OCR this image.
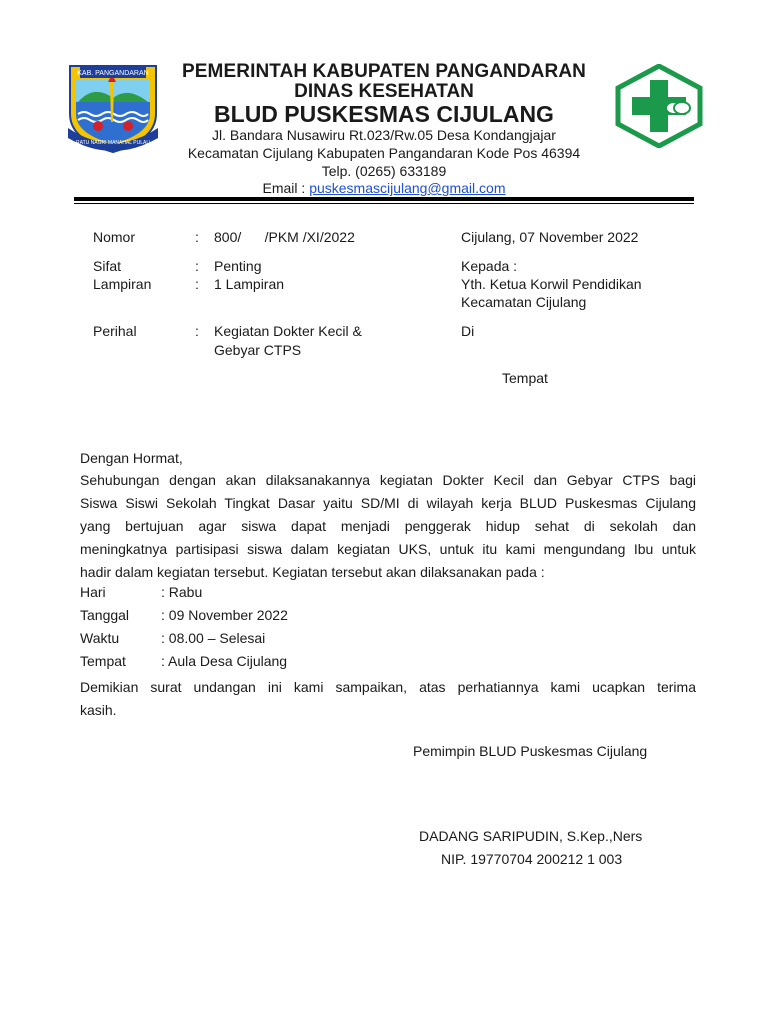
KAB. PANGANDARAN
RATU NAGRI MANAHAL PULAU
PEMERINTAH KABUPATEN PANGANDARAN
DINAS KESEHATAN
BLUD PUSKESMAS CIJULANG
Jl. Bandara Nusawiru Rt.023/Rw.05 Desa Kondangjajar
Kecamatan Cijulang Kabupaten Pangandaran Kode Pos 46394
Telp. (0265) 633189
Email : puskesmascijulang@gmail.com
Nomor	: 800/      /PKM /XI/2022
Sifat	: Penting
Lampiran	: 1 Lampiran
Perihal	: Kegiatan Dokter Kecil &
Gebyar CTPS
Cijulang, 07 November 2022
Kepada :
Yth. Ketua Korwil Pendidikan
Kecamatan Cijulang
Di
Tempat
Dengan Hormat,
Sehubungan dengan akan dilaksanakannya kegiatan Dokter Kecil dan Gebyar CTPS bagi
Siswa Siswi Sekolah Tingkat Dasar yaitu SD/MI di wilayah kerja BLUD Puskesmas Cijulang
yang bertujuan agar siswa dapat menjadi penggerak hidup sehat di sekolah dan
meningkatnya partisipasi siswa dalam kegiatan UKS, untuk itu kami mengundang Ibu untuk
hadir dalam kegiatan tersebut. Kegiatan tersebut akan dilaksanakan pada :
Hari	: Rabu
Tanggal : 09 November 2022
Waktu	: 08.00 – Selesai
Tempat	: Aula Desa Cijulang
Demikian surat undangan ini kami sampaikan, atas perhatiannya kami ucapkan terima
kasih.
Pemimpin BLUD Puskesmas Cijulang
DADANG SARIPUDIN, S.Kep.,Ners
NIP. 19770704 200212 1 003
